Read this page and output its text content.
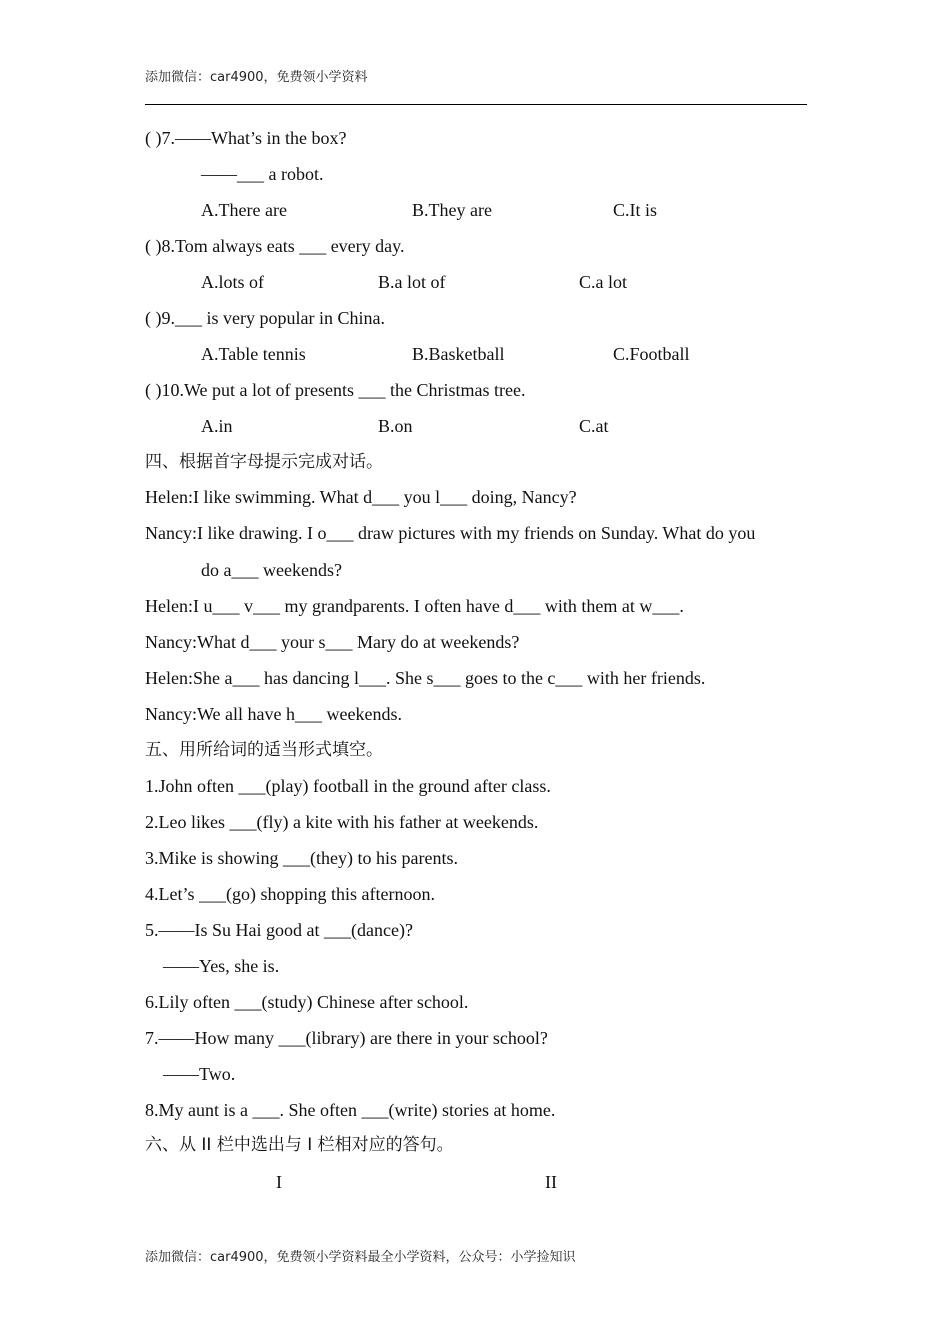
添加微信：car4900，免费领小学资料
( )7.——What’s in the box?
——___ a robot.
A.There are	B.They are	C.It is
( )8.Tom always eats ___ every day.
A.lots of	B.a lot of	C.a lot
( )9.___ is very popular in China.
A.Table tennis	B.Basketball	C.Football
( )10.We put a lot of presents ___ the Christmas tree.
A.in	B.on	C.at
四、根据首字母提示完成对话。
Helen:I like swimming. What d___ you l___ doing, Nancy?
Nancy:I like drawing. I o___ draw pictures with my friends on Sunday. What do you
do a___ weekends?
Helen:I u___ v___ my grandparents. I often have d___ with them at w___.
Nancy:What d___ your s___ Mary do at weekends?
Helen:She a___ has dancing l___. She s___ goes to the c___ with her friends.
Nancy:We all have h___ weekends.
五、用所给词的适当形式填空。
1.John often ___(play) football in the ground after class.
2.Leo likes ___(fly) a kite with his father at weekends.
3.Mike is showing ___(they) to his parents.
4.Let’s ___(go) shopping this afternoon.
5.——Is Su Hai good at ___(dance)?
——Yes, she is.
6.Lily often ___(study) Chinese after school.
7.——How many ___(library) are there in your school?
——Two.
8.My aunt is a ___. She often ___(write) stories at home.
六、从 II 栏中选出与 I 栏相对应的答句。
I	II
添加微信：car4900，免费领小学资料最全小学资料，公众号：小学捡知识
